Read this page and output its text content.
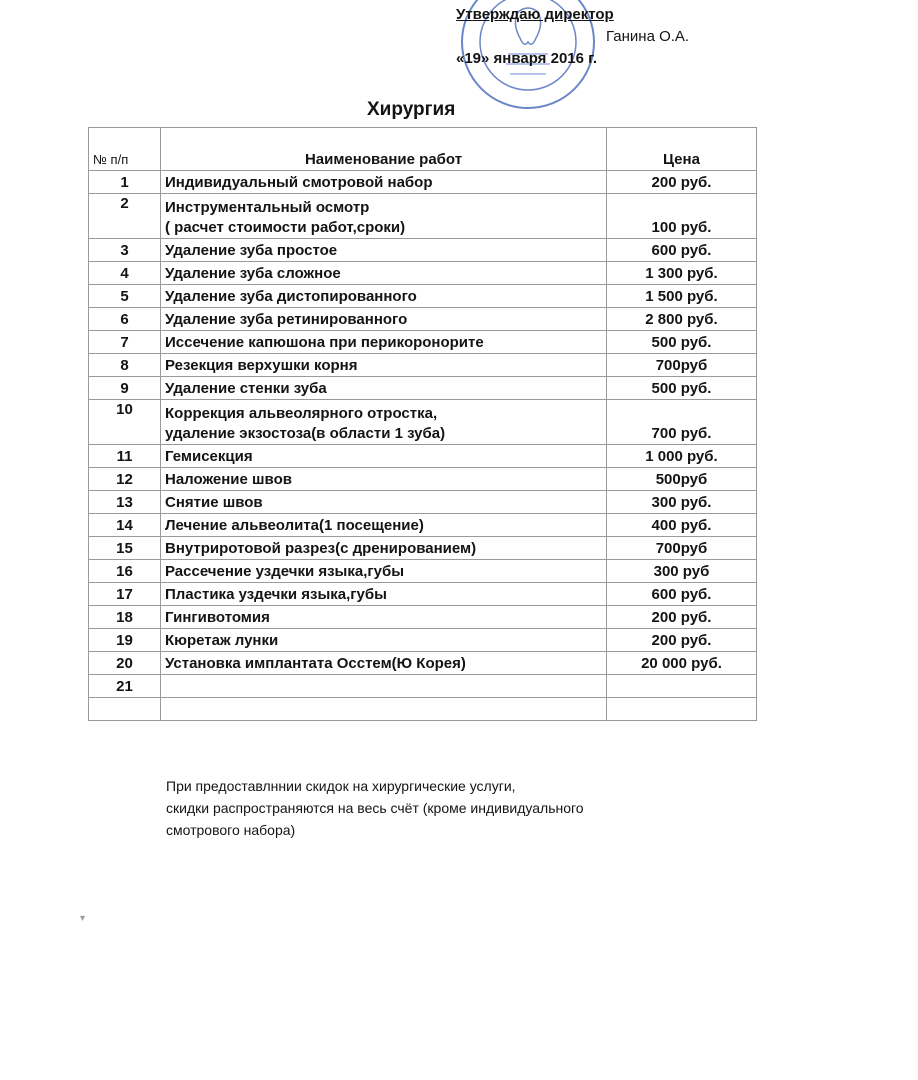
Утверждаю директор
Ганина О.А.
«19» января 2016 г.
Хирургия
№ п/п	Наименование работ	Цена
1	Индивидуальный смотровой набор	200 руб.
2	Инструментальный осмотр
( расчет стоимости работ,сроки)	100 руб.
3	Удаление зуба простое	600 руб.
4	Удаление зуба сложное	1 300 руб.
5	Удаление зуба дистопированного	1 500 руб.
6	Удаление зуба ретинированного	2 800 руб.
7	Иссечение капюшона при перикоронорите	500 руб.
8	Резекция верхушки корня	700руб
9	Удаление стенки зуба	500 руб.
10	Коррекция альвеолярного отростка,
удаление экзостоза(в области 1 зуба)	700 руб.
11	Гемисекция	1 000 руб.
12	Наложение швов	500руб
13	Снятие швов	300 руб.
14	Лечение альвеолита(1 посещение)	400 руб.
15	Внутриротовой разрез(с дренированием)	700руб
16	Рассечение уздечки языка,губы	300 руб
17	Пластика уздечки языка,губы	600 руб.
18	Гингивотомия	200 руб.
19	Кюретаж лунки	200 руб.
20	Установка имплантата Осстем(Ю Корея)	20 000 руб.
21		

При предоставлннии скидок на хирургические услуги,
скидки распространяются на весь счёт (кроме индивидуального
смотрового набора)
▾
